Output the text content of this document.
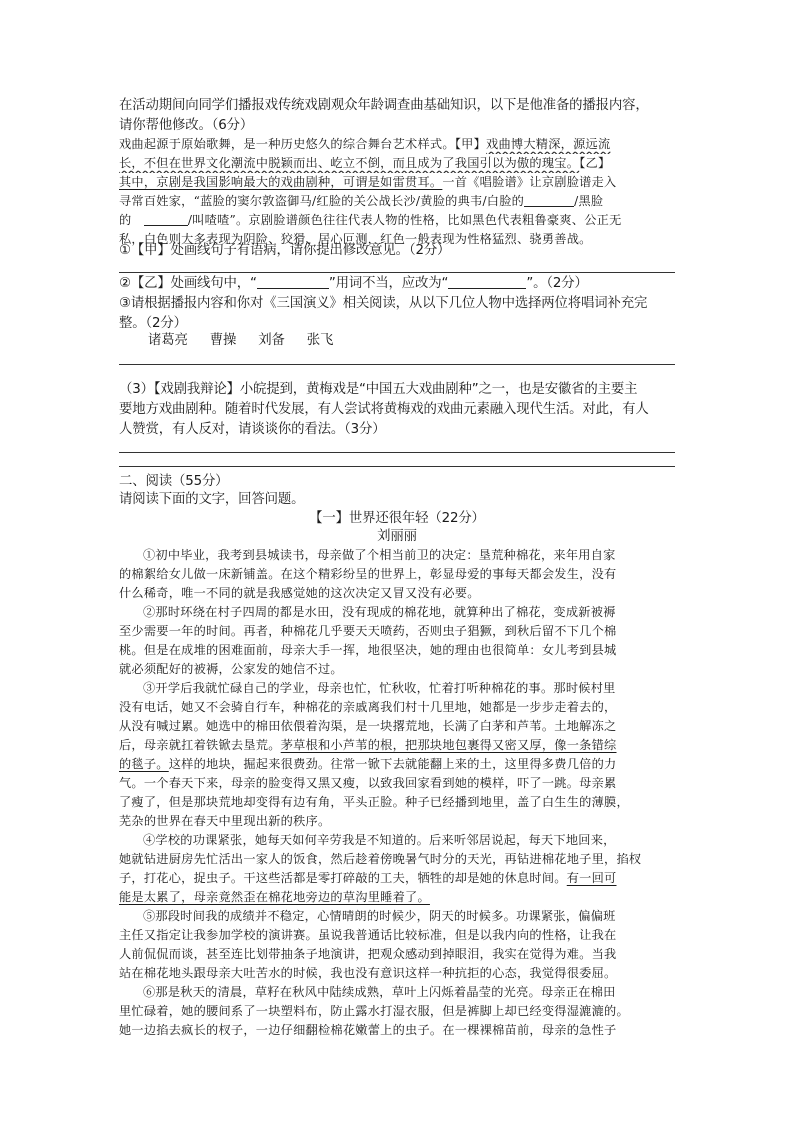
在活动期间向同学们播报戏传统戏剧观众年龄调查曲基础知识，以下是他准备的播报内容，
请你帮他修改。（6分）
戏曲起源于原始歌舞，是一种历史悠久的综合舞台艺术样式。【甲】戏曲博大精深，源远流
长，不但在世界文化潮流中脱颖而出、屹立不倒，而且成为了我国引以为傲的瑰宝。【乙】
其中，京剧是我国影响最大的戏曲剧种，可谓是如雷贯耳。一首《唱脸谱》让京剧脸谱走入
寻常百姓家，“蓝脸的窦尔敦盗御马/红脸的关公战长沙/黄脸的典韦/白脸的	/黑脸
的	/叫喳喳”。京剧脸谱颜色往往代表人物的性格，比如黑色代表粗鲁豪爽、公正无
私，白色则大多表现为阴险、狡猾、居心叵测，红色一般表现为性格猛烈、骁勇善战。
①【甲】处画线句子有语病，请你提出修改意见。（2分）
②【乙】处画线句中，“	”用词不当，应改为“	”。（2分）
③请根据播报内容和你对《三国演义》相关阅读，从以下几位人物中选择两位将唱词补充完
整。（2分）
诸葛亮 曹操 刘备 张飞
（3）【戏剧我辩论】小皖提到，黄梅戏是“中国五大戏曲剧种”之一，也是安徽省的主要主
要地方戏曲剧种。随着时代发展，有人尝试将黄梅戏的戏曲元素融入现代生活。对此，有人
人赞赏，有人反对，请谈谈你的看法。（3分）
二、阅读（55分）
请阅读下面的文字，回答问题。
【一】世界还很年轻（22分）
刘丽丽
①初中毕业，我考到县城读书，母亲做了个相当前卫的决定：垦荒种棉花，来年用自家
的棉絮给女儿做一床新铺盖。在这个精彩纷呈的世界上，彰显母爱的事每天都会发生，没有
什么稀奇，唯一不同的就是我感觉她的这次决定又冒又没有必要。
②那时环绕在村子四周的都是水田，没有现成的棉花地，就算种出了棉花，变成新被褥
至少需要一年的时间。再者，种棉花几乎要天天喷药，否则虫子猖獗，到秋后留不下几个棉
桃。但是在成堆的困难面前，母亲大手一挥，地很坚决，她的理由也很简单：女儿考到县城
就必须配好的被褥，公家发的她信不过。
③开学后我就忙碌自己的学业，母亲也忙，忙秋收，忙着打听种棉花的事。那时候村里
没有电话，她又不会骑自行车，种棉花的亲戚离我们村十几里地，她都是一步步走着去的，
从没有喊过累。她选中的棉田依偎着沟渠，是一块撂荒地，长满了白茅和芦苇。土地解冻之
后，母亲就扛着铁锨去垦荒。茅草根和小芦苇的根，把那块地包裹得又密又厚，像一条错综
的毯子。这样的地块，掘起来很费劲。往常一锨下去就能翻上来的土，这里得多费几倍的力
气。一个春天下来，母亲的脸变得又黑又瘦，以致我回家看到她的模样，吓了一跳。母亲累
了瘦了，但是那块荒地却变得有边有角，平头正脸。种子已经播到地里，盖了白生生的薄膜，
芜杂的世界在春天中里现出新的秩序。
④学校的功课紧张，她每天如何辛劳我是不知道的。后来听邻居说起，每天下地回来，
她就钻进厨房先忙活出一家人的饭食，然后趁着傍晚暑气时分的天光，再钻进棉花地子里，掐杈
子，打花心，捉虫子。干这些活都是零打碎敲的工夫，牺牲的却是她的休息时间。有一回可
能是太累了，母亲竟然歪在棉花地旁边的草沟里睡着了。
⑤那段时间我的成绩并不稳定，心情晴朗的时候少，阴天的时候多。功课紧张，偏偏班
主任又指定让我参加学校的演讲赛。虽说我普通话比较标准，但是以我内向的性格，让我在
人前侃侃而谈，甚至连比划带抽条子地演讲，把观众感动到掉眼泪，我实在觉得为难。当我
站在棉花地头跟母亲大吐苦水的时候，我也没有意识这样一种抗拒的心态，我觉得很委屈。
⑥那是秋天的清晨，草籽在秋风中陆续成熟，草叶上闪烁着晶莹的光亮。母亲正在棉田
里忙碌着，她的腰间系了一块塑料布，防止露水打湿衣服，但是裤脚上却已经变得湿漉漉的。
她一边掐去疯长的杈子，一边仔细翻检棉花嫩蕾上的虫子。在一棵裸棉苗前，母亲的急性子
